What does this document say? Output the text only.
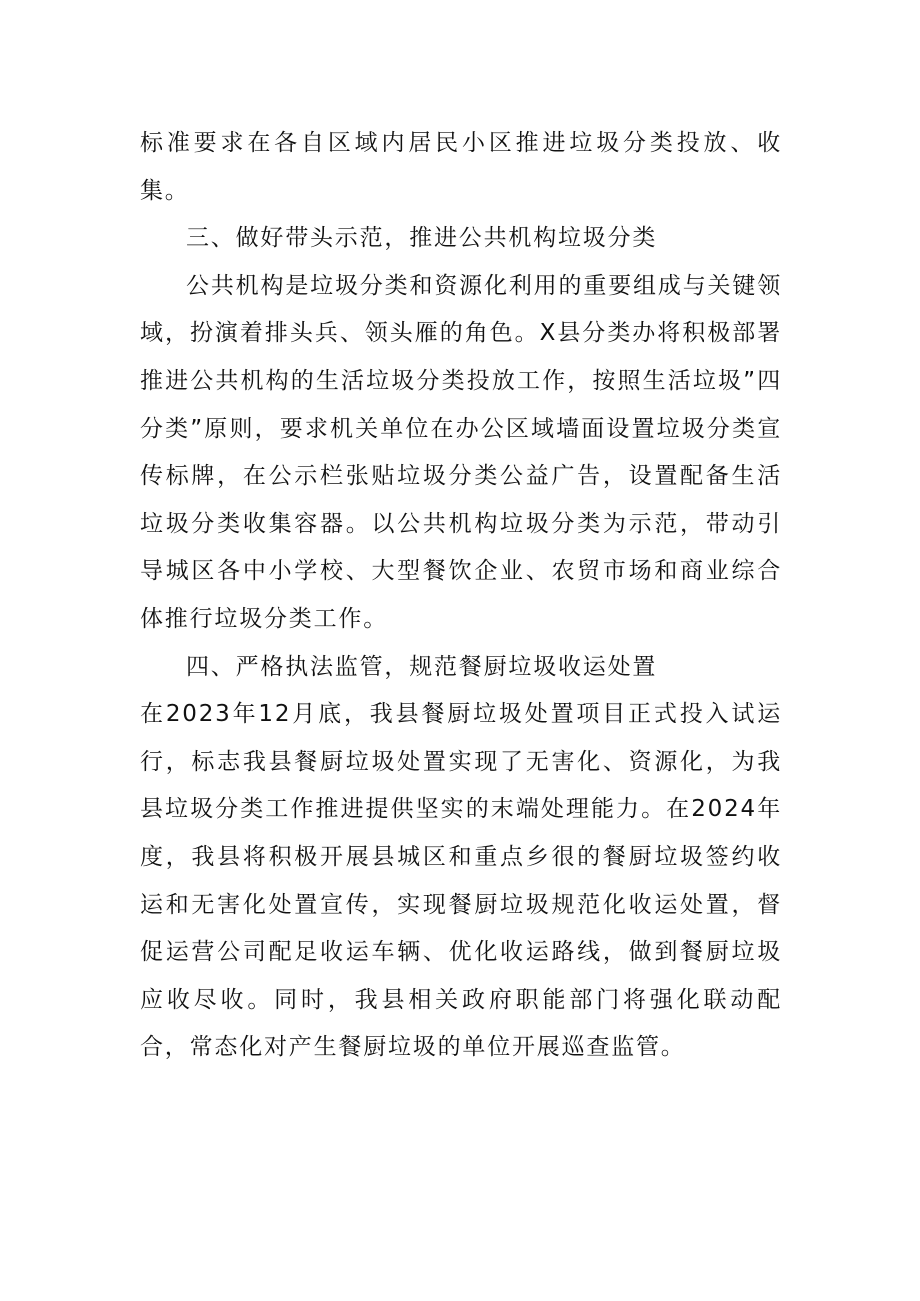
标准要求在各自区域内居民小区推进垃圾分类投放、收集。

三、做好带头示范，推进公共机构垃圾分类

公共机构是垃圾分类和资源化利用的重要组成与关键领域，扮演着排头兵、领头雁的角色。X县分类办将积极部署推进公共机构的生活垃圾分类投放工作，按照生活垃圾”四分类”原则，要求机关单位在办公区域墙面设置垃圾分类宣传标牌，在公示栏张贴垃圾分类公益广告，设置配备生活垃圾分类收集容器。以公共机构垃圾分类为示范，带动引导城区各中小学校、大型餐饮企业、农贸市场和商业综合体推行垃圾分类工作。

四、严格执法监管，规范餐厨垃圾收运处置

在2023年12月底，我县餐厨垃圾处置项目正式投入试运行，标志我县餐厨垃圾处置实现了无害化、资源化，为我县垃圾分类工作推进提供坚实的末端处理能力。在2024年度，我县将积极开展县城区和重点乡很的餐厨垃圾签约收运和无害化处置宣传，实现餐厨垃圾规范化收运处置，督促运营公司配足收运车辆、优化收运路线，做到餐厨垃圾应收尽收。同时，我县相关政府职能部门将强化联动配合，常态化对产生餐厨垃圾的单位开展巡查监管。
